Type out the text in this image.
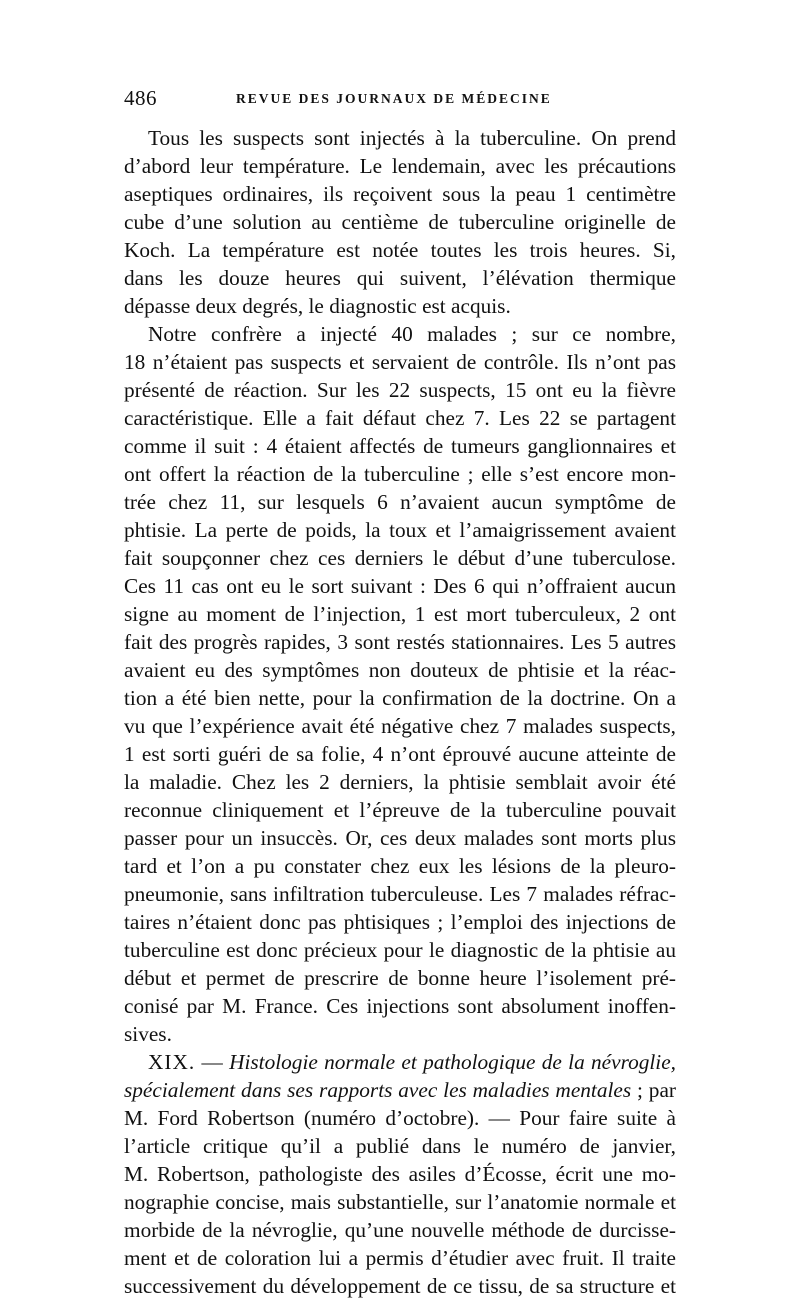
486	REVUE DES JOURNAUX DE MÉDECINE
Tous les suspects sont injectés à la tuberculine. On prend
d’abord leur température. Le lendemain, avec les précautions
aseptiques ordinaires, ils reçoivent sous la peau 1 centimètre
cube d’une solution au centième de tuberculine originelle de
Koch. La température est notée toutes les trois heures. Si,
dans les douze heures qui suivent, l’élévation thermique
dépasse deux degrés, le diagnostic est acquis.
Notre confrère a injecté 40 malades ; sur ce nombre,
18 n’étaient pas suspects et servaient de contrôle. Ils n’ont pas
présenté de réaction. Sur les 22 suspects, 15 ont eu la fièvre
caractéristique. Elle a fait défaut chez 7. Les 22 se partagent
comme il suit : 4 étaient affectés de tumeurs ganglionnaires et
ont offert la réaction de la tuberculine ; elle s’est encore mon-
trée chez 11, sur lesquels 6 n’avaient aucun symptôme de
phtisie. La perte de poids, la toux et l’amaigrissement avaient
fait soupçonner chez ces derniers le début d’une tuberculose.
Ces 11 cas ont eu le sort suivant : Des 6 qui n’offraient aucun
signe au moment de l’injection, 1 est mort tuberculeux, 2 ont
fait des progrès rapides, 3 sont restés stationnaires. Les 5 autres
avaient eu des symptômes non douteux de phtisie et la réac-
tion a été bien nette, pour la confirmation de la doctrine. On a
vu que l’expérience avait été négative chez 7 malades suspects,
1 est sorti guéri de sa folie, 4 n’ont éprouvé aucune atteinte de
la maladie. Chez les 2 derniers, la phtisie semblait avoir été
reconnue cliniquement et l’épreuve de la tuberculine pouvait
passer pour un insuccès. Or, ces deux malades sont morts plus
tard et l’on a pu constater chez eux les lésions de la pleuro-
pneumonie, sans infiltration tuberculeuse. Les 7 malades réfrac-
taires n’étaient donc pas phtisiques ; l’emploi des injections de
tuberculine est donc précieux pour le diagnostic de la phtisie au
début et permet de prescrire de bonne heure l’isolement pré-
conisé par M. France. Ces injections sont absolument inoffen-
sives.
XIX. — Histologie normale et pathologique de la névroglie,
spécialement dans ses rapports avec les maladies mentales ; par
M. Ford Robertson (numéro d’octobre). — Pour faire suite à
l’article critique qu’il a publié dans le numéro de janvier,
M. Robertson, pathologiste des asiles d’Écosse, écrit une mo-
nographie concise, mais substantielle, sur l’anatomie normale et
morbide de la névroglie, qu’une nouvelle méthode de durcisse-
ment et de coloration lui a permis d’étudier avec fruit. Il traite
successivement du développement de ce tissu, de sa structure et
